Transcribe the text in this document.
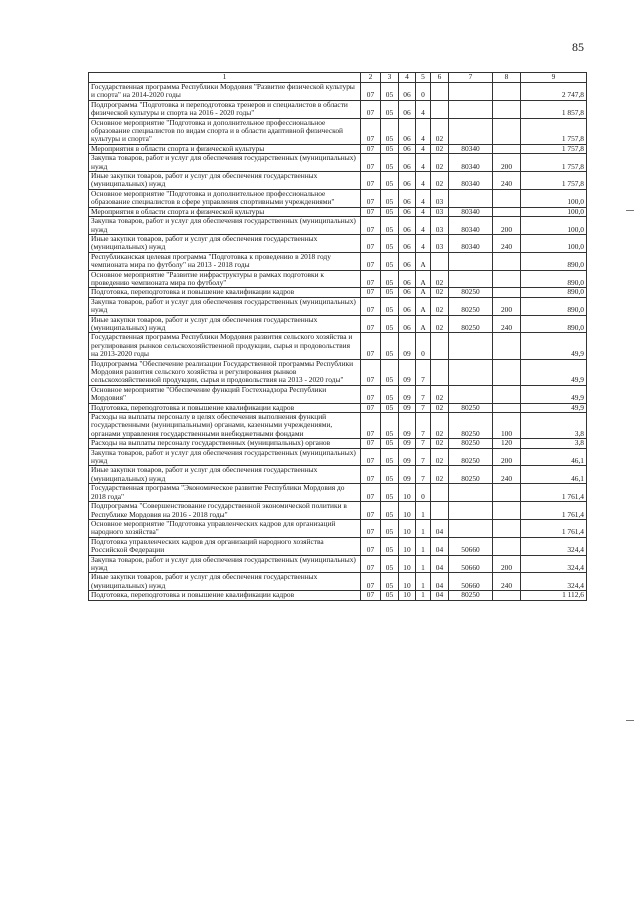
85
1	2	3	4	5	6	7	8	9
Государственная программа Республики Мордовия "Развитие физической культуры и спорта" на 2014-2020 годы	07	05	06	0				2 747,8
Подпрограмма "Подготовка и переподготовка тренеров и специалистов в области физической культуры и спорта на 2016 - 2020 годы"	07	05	06	4				1 857,8
Основное мероприятие "Подготовка и дополнительное профессиональное образование специалистов по видам спорта и в области адаптивной физической культуры и спорта"	07	05	06	4	02			1 757,8
Мероприятия в области спорта и физической культуры	07	05	06	4	02	80340		1 757,8
Закупка товаров, работ и услуг для обеспечения государственных (муниципальных) нужд	07	05	06	4	02	80340	200	1 757,8
Иные закупки товаров, работ и услуг для обеспечения государственных (муниципальных) нужд	07	05	06	4	02	80340	240	1 757,8
Основное мероприятие "Подготовка и дополнительное профессиональное образование специалистов в сфере управления спортивными учреждениями"	07	05	06	4	03			100,0
Мероприятия в области спорта и физической культуры	07	05	06	4	03	80340		100,0
Закупка товаров, работ и услуг для обеспечения государственных (муниципальных) нужд	07	05	06	4	03	80340	200	100,0
Иные закупки товаров, работ и услуг для обеспечения государственных (муниципальных) нужд	07	05	06	4	03	80340	240	100,0
Республиканская целевая программа "Подготовка к проведению в 2018 году чемпионата мира по футболу" на 2013 - 2018 годы	07	05	06	А				890,0
Основное мероприятие "Развитие инфраструктуры в рамках подготовки к проведению чемпионата мира по футболу"	07	05	06	А	02			890,0
Подготовка, переподготовка и повышение квалификации кадров	07	05	06	А	02	80250		890,0
Закупка товаров, работ и услуг для обеспечения государственных (муниципальных) нужд	07	05	06	А	02	80250	200	890,0
Иные закупки товаров, работ и услуг для обеспечения государственных (муниципальных) нужд	07	05	06	А	02	80250	240	890,0
Государственная программа Республики Мордовия развития сельского хозяйства и регулирования рынков сельскохозяйственной продукции, сырья и продовольствия на 2013-2020 годы	07	05	09	0				49,9
Подпрограмма "Обеспечение реализации Государственной программы Республики Мордовия развития сельского хозяйства и регулирования рынков сельскохозяйственной продукции, сырья и продовольствия на 2013 - 2020 годы"	07	05	09	7				49,9
Основное мероприятие "Обеспечение функций Гостехнадзора Республики Мордовия"	07	05	09	7	02			49,9
Подготовка, переподготовка и повышение квалификации кадров	07	05	09	7	02	80250		49,9
Расходы на выплаты персоналу в целях обеспечения выполнения функций государственными (муниципальными) органами, казенными учреждениями, органами управления государственными внебюджетными фондами	07	05	09	7	02	80250	100	3,8
Расходы на выплаты персоналу государственных (муниципальных) органов	07	05	09	7	02	80250	120	3,8
Закупка товаров, работ и услуг для обеспечения государственных (муниципальных) нужд	07	05	09	7	02	80250	200	46,1
Иные закупки товаров, работ и услуг для обеспечения государственных (муниципальных) нужд	07	05	09	7	02	80250	240	46,1
Государственная программа "Экономическое развитие Республики Мордовия до 2018 года"	07	05	10	0				1 761,4
Подпрограмма "Совершенствование государственной экономической политики в Республике Мордовия на 2016 - 2018 годы"	07	05	10	1				1 761,4
Основное мероприятие "Подготовка управленческих кадров для организаций народного хозяйства"	07	05	10	1	04			1 761,4
Подготовка управленческих кадров для организаций народного хозяйства Российской Федерации	07	05	10	1	04	50660		324,4
Закупка товаров, работ и услуг для обеспечения государственных (муниципальных) нужд	07	05	10	1	04	50660	200	324,4
Иные закупки товаров, работ и услуг для обеспечения государственных (муниципальных) нужд	07	05	10	1	04	50660	240	324,4
Подготовка, переподготовка и повышение квалификации кадров	07	05	10	1	04	80250		1 112,6
